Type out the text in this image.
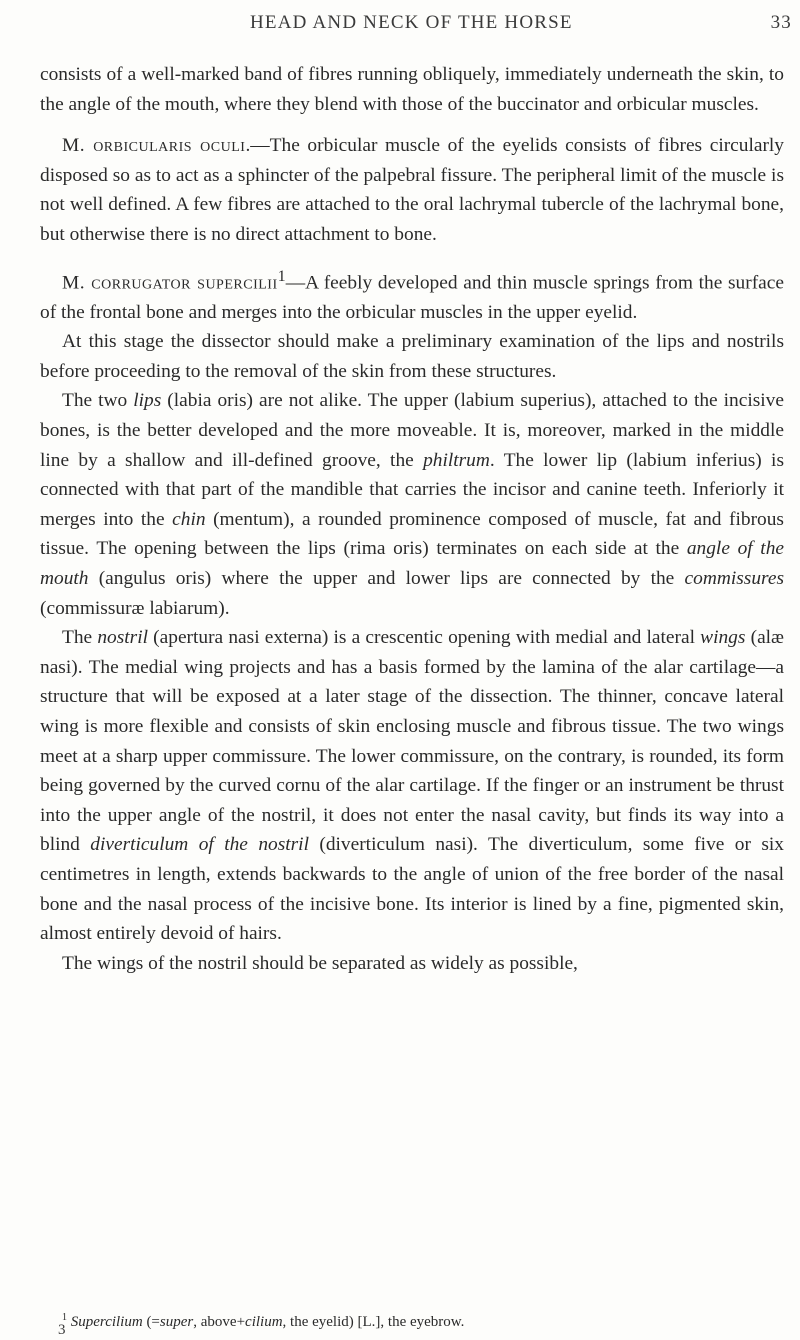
HEAD AND NECK OF THE HORSE	33

consists of a well-marked band of fibres running obliquely, immediately underneath the skin, to the angle of the mouth, where they blend with those of the buccinator and orbicular muscles.

M. orbicularis oculi.—The orbicular muscle of the eyelids consists of fibres circularly disposed so as to act as a sphincter of the palpebral fissure. The peripheral limit of the muscle is not well defined. A few fibres are attached to the oral lachrymal tubercle of the lachrymal bone, but otherwise there is no direct attachment to bone.

M. corrugator supercilii$^1$—A feebly developed and thin muscle springs from the surface of the frontal bone and merges into the orbicular muscles in the upper eyelid.

At this stage the dissector should make a preliminary examination of the lips and nostrils before proceeding to the removal of the skin from these structures.

The two lips (labia oris) are not alike. The upper (labium superius), attached to the incisive bones, is the better developed and the more moveable. It is, moreover, marked in the middle line by a shallow and ill-defined groove, the philtrum. The lower lip (labium inferius) is connected with that part of the mandible that carries the incisor and canine teeth. Inferiorly it merges into the chin (mentum), a rounded prominence composed of muscle, fat and fibrous tissue. The opening between the lips (rima oris) terminates on each side at the angle of the mouth (angulus oris) where the upper and lower lips are connected by the commissures (commissuræ labiarum).

The nostril (apertura nasi externa) is a crescentic opening with medial and lateral wings (alæ nasi). The medial wing projects and has a basis formed by the lamina of the alar cartilage—a structure that will be exposed at a later stage of the dissection. The thinner, concave lateral wing is more flexible and consists of skin enclosing muscle and fibrous tissue. The two wings meet at a sharp upper commissure. The lower commissure, on the contrary, is rounded, its form being governed by the curved cornu of the alar cartilage. If the finger or an instrument be thrust into the upper angle of the nostril, it does not enter the nasal cavity, but finds its way into a blind diverticulum of the nostril (diverticulum nasi). The diverticulum, some five or six centimetres in length, extends backwards to the angle of union of the free border of the nasal bone and the nasal process of the incisive bone. Its interior is lined by a fine, pigmented skin, almost entirely devoid of hairs.

The wings of the nostril should be separated as widely as possible,

$^1$ Supercilium (=super, above+cilium, the eyelid) [L.], the eyebrow.
3
